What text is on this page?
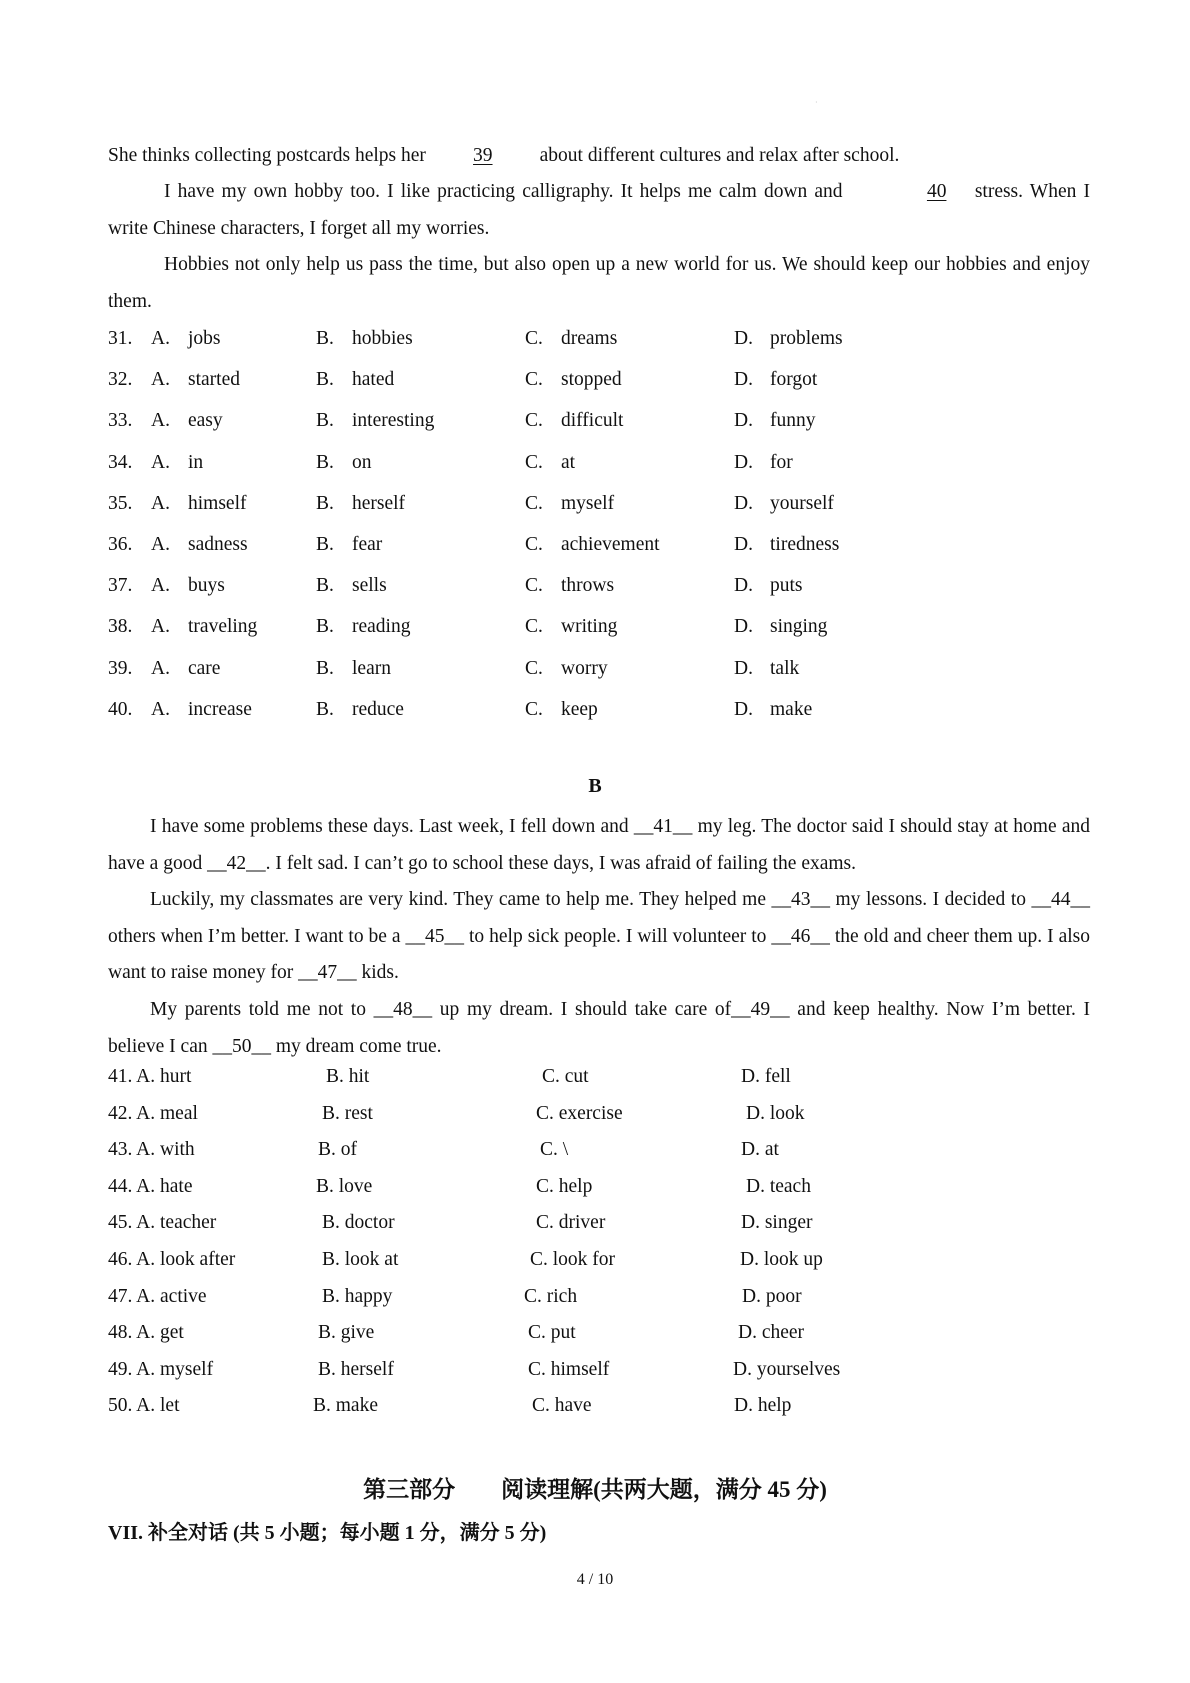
·

She thinks collecting postcards helps her 39 about different cultures and relax after school.

I have my own hobby too. I like practicing calligraphy. It helps me calm down and	40 stress. When I write Chinese characters, I forget all my worries.

Hobbies not only help us pass the time, but also open up a new world for us. We should keep our hobbies and enjoy them.

31. A. jobs	B. hobbies	C. dreams	D. problems
32. A. started	B. hated	C. stopped	D. forgot
33. A. easy	B. interesting	C. difficult	D. funny
34. A. in	B. on	C. at	D. for
35. A. himself	B. herself	C. myself	D. yourself
36. A. sadness	B. fear	C. achievement	D. tiredness
37. A. buys	B. sells	C. throws	D. puts
38. A. traveling	B. reading	C. writing	D. singing
39. A. care	B. learn	C. worry	D. talk
40. A. increase	B. reduce	C. keep	D. make
B

I have some problems these days. Last week, I fell down and __41__ my leg. The doctor said I should stay at home and have a good __42__. I felt sad. I can’t go to school these days, I was afraid of failing the exams.

Luckily, my classmates are very kind. They came to help me. They helped me __43__ my lessons. I decided to __44__ others when I’m better. I want to be a __45__ to help sick people. I will volunteer to __46__ the old and cheer them up. I also want to raise money for __47__ kids.

My parents told me not to __48__ up my dream. I should take care of__49__ and keep healthy. Now I’m better. I believe I can __50__ my dream come true.

41. A. hurt	B. hit	C. cut	D. fell
42. A. meal	B. rest	C. exercise	D. look
43. A. with	B. of	C. \	D. at
44. A. hate	B. love	C. help	D. teach
45. A. teacher	B. doctor	C. driver	D. singer
46. A. look after	B. look at	C. look for	D. look up
47. A. active	B. happy	C. rich	D. poor
48. A. get	B. give	C. put	D. cheer
49. A. myself	B. herself	C. himself	D. yourselves
50. A. let	B. make	C. have	D. help
第三部分　　阅读理解(共两大题，满分 45 分)
VII. 补全对话 (共 5 小题；每小题 1 分，满分 5 分)
4 / 10
